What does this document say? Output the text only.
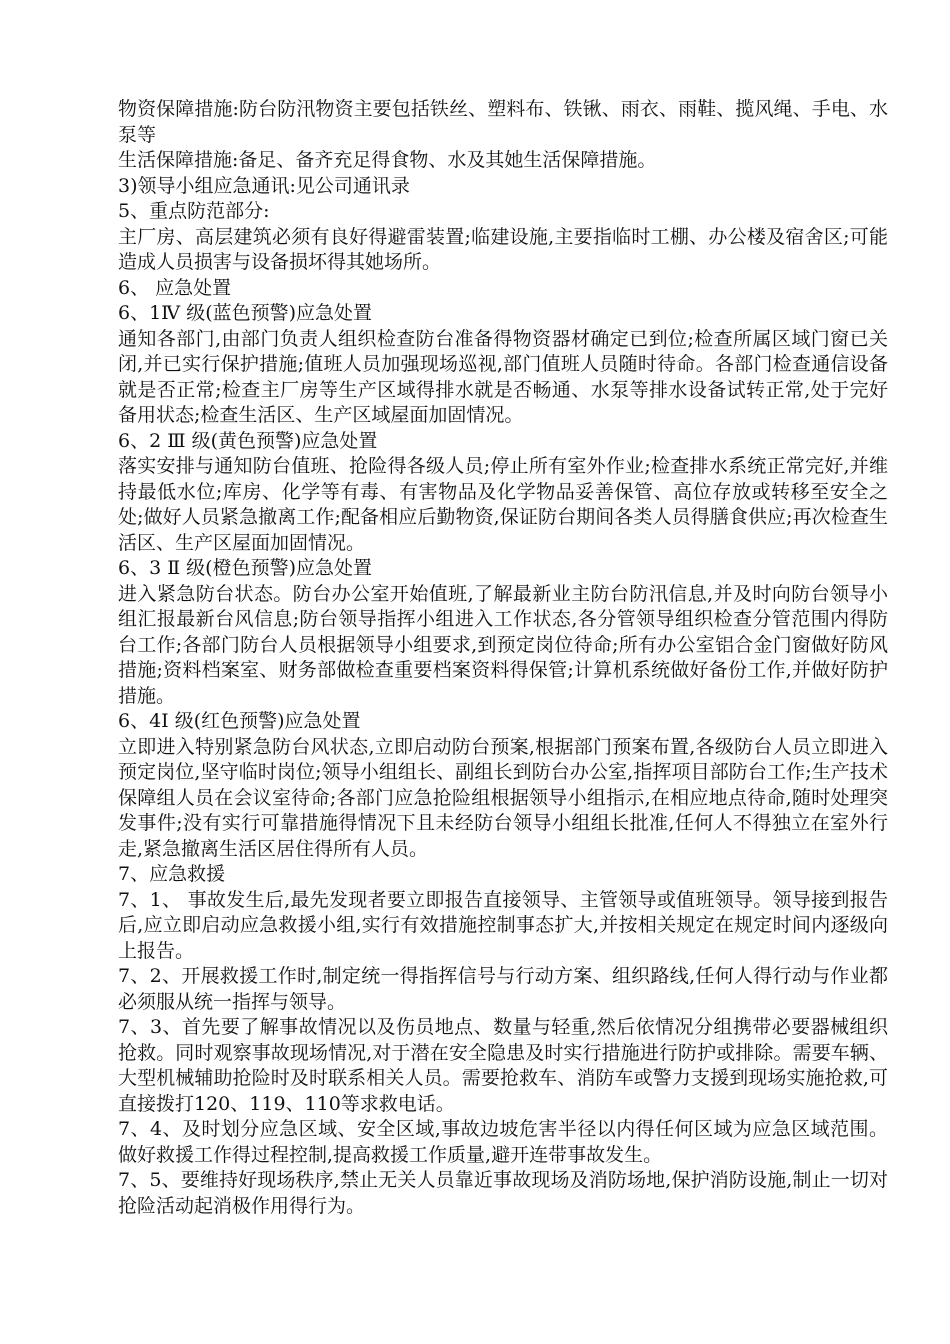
物资保障措施:防台防汛物资主要包括铁丝、塑料布、铁锹、雨衣、雨鞋、揽风绳、手电、水泵等

生活保障措施:备足、备齐充足得食物、水及其她生活保障措施。

3)领导小组应急通讯:见公司通讯录

5、重点防范部分:

主厂房、高层建筑必须有良好得避雷装置;临建设施,主要指临时工棚、办公楼及宿舍区;可能造成人员损害与设备损坏得其她场所。

6、 应急处置

6、1Ⅳ 级(蓝色预警)应急处置

通知各部门,由部门负责人组织检查防台准备得物资器材确定已到位;检查所属区域门窗已关闭,并已实行保护措施;值班人员加强现场巡视,部门值班人员随时待命。各部门检查通信设备就是否正常;检查主厂房等生产区域得排水就是否畅通、水泵等排水设备试转正常,处于完好备用状态;检查生活区、生产区域屋面加固情况。

6、2 Ⅲ 级(黄色预警)应急处置

落实安排与通知防台值班、抢险得各级人员;停止所有室外作业;检查排水系统正常完好,并维持最低水位;库房、化学等有毒、有害物品及化学物品妥善保管、高位存放或转移至安全之处;做好人员紧急撤离工作;配备相应后勤物资,保证防台期间各类人员得膳食供应;再次检查生活区、生产区屋面加固情况。

6、3 Ⅱ 级(橙色预警)应急处置

进入紧急防台状态。防台办公室开始值班,了解最新业主防台防汛信息,并及时向防台领导小组汇报最新台风信息;防台领导指挥小组进入工作状态,各分管领导组织检查分管范围内得防台工作;各部门防台人员根据领导小组要求,到预定岗位待命;所有办公室铝合金门窗做好防风措施;资料档案室、财务部做检查重要档案资料得保管;计算机系统做好备份工作,并做好防护措施。

6、4Ⅰ 级(红色预警)应急处置

立即进入特别紧急防台风状态,立即启动防台预案,根据部门预案布置,各级防台人员立即进入预定岗位,坚守临时岗位;领导小组组长、副组长到防台办公室,指挥项目部防台工作;生产技术保障组人员在会议室待命;各部门应急抢险组根据领导小组指示,在相应地点待命,随时处理突发事件;没有实行可靠措施得情况下且未经防台领导小组组长批准,任何人不得独立在室外行走,紧急撤离生活区居住得所有人员。

7、应急救援

7、1、 事故发生后,最先发现者要立即报告直接领导、主管领导或值班领导。领导接到报告后,应立即启动应急救援小组,实行有效措施控制事态扩大,并按相关规定在规定时间内逐级向上报告。

7、2、开展救援工作时,制定统一得指挥信号与行动方案、组织路线,任何人得行动与作业都必须服从统一指挥与领导。

7、3、首先要了解事故情况以及伤员地点、数量与轻重,然后依情况分组携带必要器械组织抢救。同时观察事故现场情况,对于潜在安全隐患及时实行措施进行防护或排除。需要车辆、大型机械辅助抢险时及时联系相关人员。需要抢救车、消防车或警力支援到现场实施抢救,可直接拨打120、119、110等求救电话。

7、4、及时划分应急区域、安全区域,事故边坡危害半径以内得任何区域为应急区域范围。做好救援工作得过程控制,提高救援工作质量,避开连带事故发生。

7、5、要维持好现场秩序,禁止无关人员靠近事故现场及消防场地,保护消防设施,制止一切对抢险活动起消极作用得行为。
